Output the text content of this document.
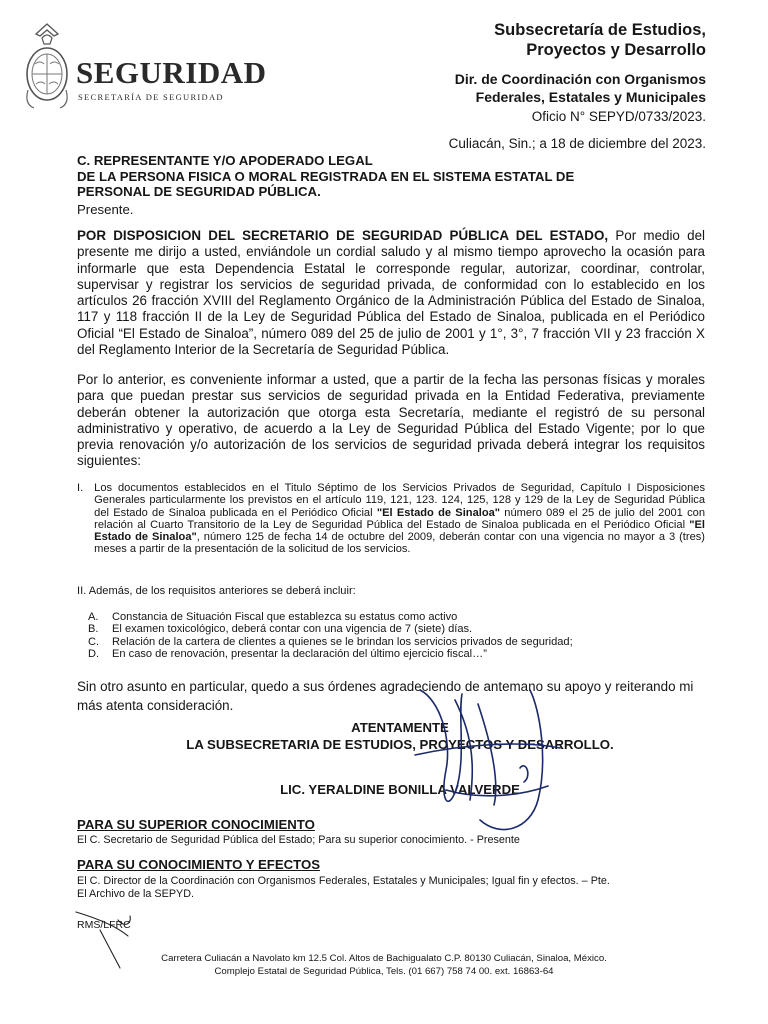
SEGURIDAD
SECRETARÍA DE SEGURIDAD
Subsecretaría de Estudios,
Proyectos y Desarrollo
Dir. de Coordinación con Organismos
Federales, Estatales y Municipales
Oficio N° SEPYD/0733/2023.
Culiacán, Sin.; a 18 de diciembre del 2023.
C. REPRESENTANTE Y/O APODERADO LEGAL
DE LA PERSONA FISICA O MORAL REGISTRADA EN EL SISTEMA ESTATAL DE
PERSONAL DE SEGURIDAD PÚBLICA.
Presente.
POR DISPOSICION DEL SECRETARIO DE SEGURIDAD PÚBLICA DEL ESTADO, Por medio del presente me dirijo a usted, enviándole un cordial saludo y al mismo tiempo aprovecho la ocasión para informarle que esta Dependencia Estatal le corresponde regular, autorizar, coordinar, controlar, supervisar y registrar los servicios de seguridad privada, de conformidad con lo establecido en los artículos 26 fracción XVIII del Reglamento Orgánico de la Administración Pública del Estado de Sinaloa, 117 y 118 fracción II de la Ley de Seguridad Pública del Estado de Sinaloa, publicada en el Periódico Oficial “El Estado de Sinaloa”, número 089 del 25 de julio de 2001 y 1°, 3°, 7 fracción VII y 23 fracción X del Reglamento Interior de la Secretaría de Seguridad Pública.
Por lo anterior, es conveniente informar a usted, que a partir de la fecha las personas físicas y morales para que puedan prestar sus servicios de seguridad privada en la Entidad Federativa, previamente deberán obtener la autorización que otorga esta Secretaría, mediante el registró de su personal administrativo y operativo, de acuerdo a la Ley de Seguridad Pública del Estado Vigente; por lo que previa renovación y/o autorización de los servicios de seguridad privada deberá integrar los requisitos siguientes:
I. Los documentos establecidos en el Titulo Séptimo de los Servicios Privados de Seguridad, Capítulo I Disposiciones Generales particularmente los previstos en el artículo 119, 121, 123. 124, 125, 128 y 129 de la Ley de Seguridad Pública del Estado de Sinaloa publicada en el Periódico Oficial "El Estado de Sinaloa" número 089 el 25 de julio del 2001 con relación al Cuarto Transitorio de la Ley de Seguridad Pública del Estado de Sinaloa publicada en el Periódico Oficial "El Estado de Sinaloa", número 125 de fecha 14 de octubre del 2009, deberán contar con una vigencia no mayor a 3 (tres) meses a partir de la presentación de la solicitud de los servicios.
II. Además, de los requisitos anteriores se deberá incluir:
A.	Constancia de Situación Fiscal que establezca su estatus como activo
B.	El examen toxicológico, deberá contar con una vigencia de 7 (siete) días.
C.	Relación de la cartera de clientes a quienes se le brindan los servicios privados de seguridad;
D.	En caso de renovación, presentar la declaración del último ejercicio fiscal…”
Sin otro asunto en particular, quedo a sus órdenes agradeciendo de antemano su apoyo y reiterando mi más atenta consideración.
ATENTAMENTE
LA SUBSECRETARIA DE ESTUDIOS, PROYECTOS Y DESARROLLO.
LIC. YERALDINE BONILLA VALVERDE
PARA SU SUPERIOR CONOCIMIENTO
El C. Secretario de Seguridad Pública del Estado; Para su superior conocimiento. - Presente
PARA SU CONOCIMIENTO Y EFECTOS
El C. Director de la Coordinación con Organismos Federales, Estatales y Municipales; Igual fin y efectos. – Pte.
El Archivo de la SEPYD.
RMS/LFRC
Carretera Culiacán a Navolato km 12.5 Col. Altos de Bachigualato C.P. 80130 Culiacán, Sinaloa, México.
Complejo Estatal de Seguridad Pública, Tels. (01 667) 758 74 00. ext. 16863-64
